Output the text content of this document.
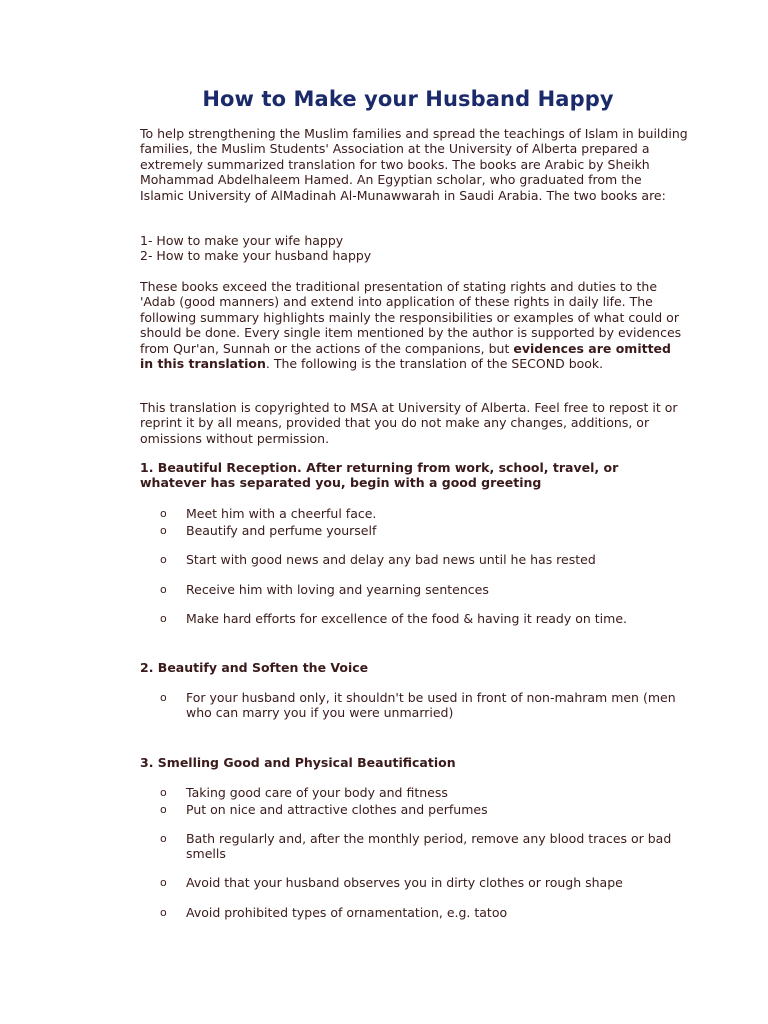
How to Make your Husband Happy

To help strengthening the Muslim families and spread the teachings of Islam in building families, the Muslim Students' Association at the University of Alberta prepared a extremely summarized translation for two books. The books are Arabic by Sheikh Mohammad Abdelhaleem Hamed. An Egyptian scholar, who graduated from the Islamic University of AlMadinah Al-Munawwarah in Saudi Arabia. The two books are:

1- How to make your wife happy

2- How to make your husband happy

These books exceed the traditional presentation of stating rights and duties to the 'Adab (good manners) and extend into application of these rights in daily life. The following summary highlights mainly the responsibilities or examples of what could or should be done. Every single item mentioned by the author is supported by evidences from Qur'an, Sunnah or the actions of the companions, but evidences are omitted in this translation. The following is the translation of the SECOND book.

This translation is copyrighted to MSA at University of Alberta. Feel free to repost it or reprint it by all means, provided that you do not make any changes, additions, or omissions without permission.

1. Beautiful Reception. After returning from work, school, travel, or whatever has separated you, begin with a good greeting
o Meet him with a cheerful face.
o Beautify and perfume yourself
o Start with good news and delay any bad news until he has rested
o Receive him with loving and yearning sentences
o Make hard efforts for excellence of the food & having it ready on time.
2. Beautify and Soften the Voice
o For your husband only, it shouldn't be used in front of non-mahram men (men who can marry you if you were unmarried)
3. Smelling Good and Physical Beautification
o Taking good care of your body and fitness
o Put on nice and attractive clothes and perfumes
o Bath regularly and, after the monthly period, remove any blood traces or bad smells
o Avoid that your husband observes you in dirty clothes or rough shape
o Avoid prohibited types of ornamentation, e.g. tatoo
